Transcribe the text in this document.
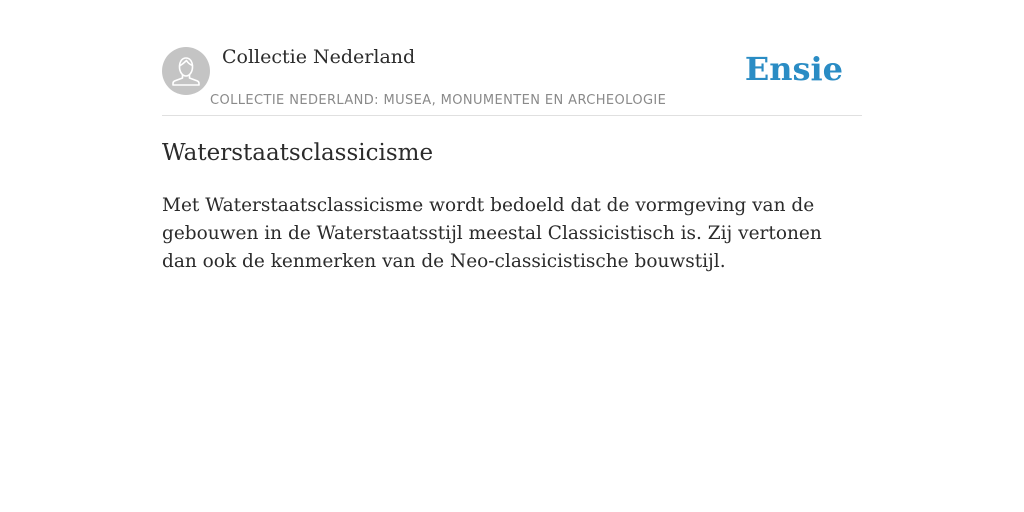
Collectie Nederland
COLLECTIE NEDERLAND: MUSEA, MONUMENTEN EN ARCHEOLOGIE
Ensie
Waterstaatsclassicisme

Met Waterstaatsclassicisme wordt bedoeld dat de vormgeving van de gebouwen in de Waterstaatsstijl meestal Classicistisch is. Zij vertonen dan ook de kenmerken van de Neo-classicistische bouwstijl.
